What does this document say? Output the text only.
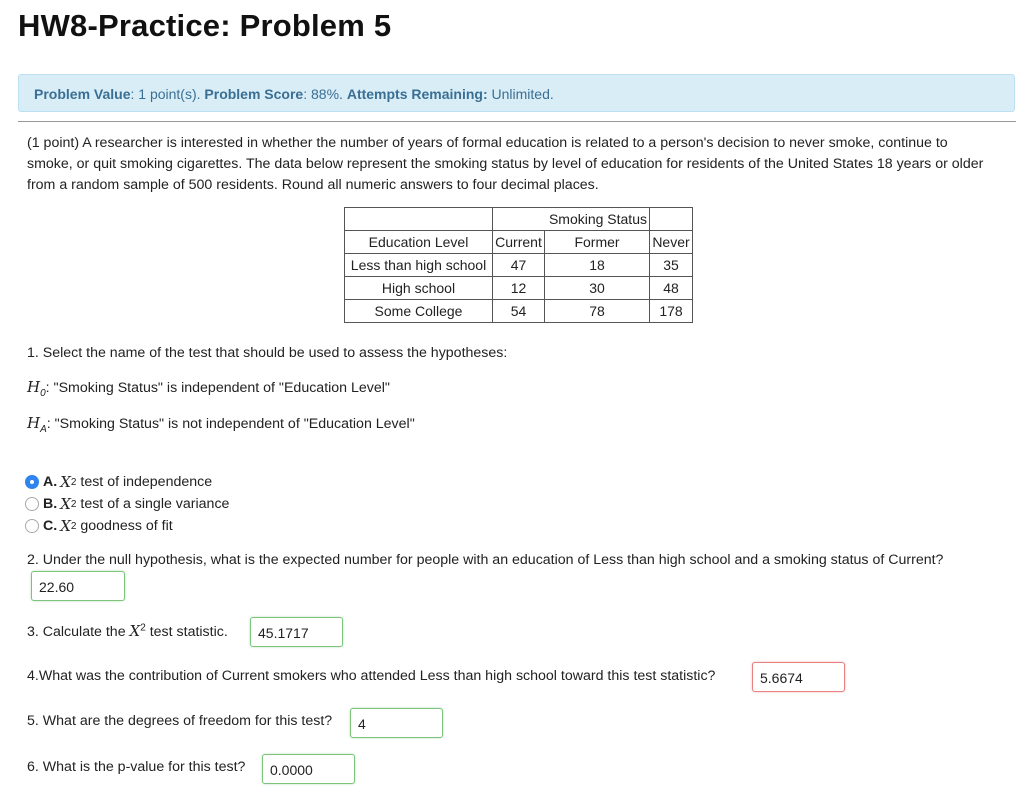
HW8-Practice: Problem 5
Problem Value: 1 point(s). Problem Score: 88%. Attempts Remaining: Unlimited.
(1 point) A researcher is interested in whether the number of years of formal education is related to a person's decision to never smoke, continue to smoke, or quit smoking cigarettes. The data below represent the smoking status by level of education for residents of the United States 18 years or older from a random sample of 500 residents. Round all numeric answers to four decimal places.
	Smoking Status		
Education Level	Current	Former	Never
Less than high school	47	18	35
High school	12	30	48
Some College	54	78	178
1. Select the name of the test that should be used to assess the hypotheses:
$H_0$: "Smoking Status" is independent of "Education Level"
$H_A$: "Smoking Status" is not independent of "Education Level"
A. X 2 test of independence
B. X 2 test of a single variance
C. X 2 goodness of fit
2. Under the null hypothesis, what is the expected number for people with an education of Less than high school and a smoking status of Current?
22.60
3. Calculate the $X^2$ test statistic.	45.1717
4.What was the contribution of Current smokers who attended Less than high school toward this test statistic?	5.6674
5. What are the degrees of freedom for this test?	4
6. What is the p-value for this test?	0.0000
